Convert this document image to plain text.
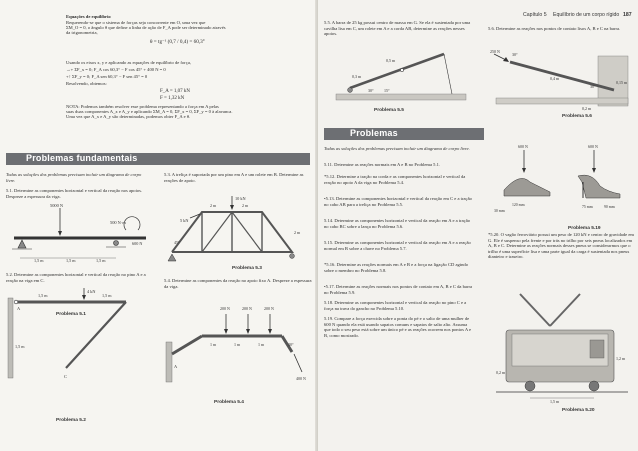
Equações de equilíbrio
Requerendo-se que o sistema de forças seja concorrente em O, uma vez que
ΣM_O = 0, o ângulo θ que define a linha de ação de F_A pode ser determinado através
da trigonometria,
θ = tg⁻¹ (0,7 / 0,4) = 60,3°
Usando os eixos x, y e aplicando as equações de equilíbrio de força,
→+ ΣF_x = 0; F_A cos 60,3° − F cos 45° + 400 N = 0
+↑ ΣF_y = 0; F_A sen 60,3° − F sen 45° = 0
Resolvendo, obtemos:
F_A = 1,07 kN
F = 1,32 kN
NOTA: Podemos também resolver esse problema representando a força em A pelas
suas duas componentes A_x e A_y e aplicando ΣM_A = 0, ΣF_x = 0, ΣF_y = 0 à alavanca.
Uma vez que A_x e A_y são determinadas, podemos obter F_A e θ.
Problemas fundamentais
Todas as soluções dos problemas precisam incluir um diagrama de corpo livre.
5.1. Determine as componentes horizontal e vertical da reação nos apoios. Despreze a espessura da viga.
5.3. A treliça é suportada por um pino em A e um rolete em B. Determine as reações de apoio.
5000 N
500 N·m
1,5 m	1,5 m	1,5 m
600 N
Problema 5.1
10 kN
5 kN
2 m	2 m
45°
2 m
Problema 5.3
5.2. Determine as componentes horizontal e vertical da reação no pino A e a reação na viga em C.	5.4. Determine as componentes da reação no apoio fixo A. Despreze a espessura da viga.
4 kN
1,5 m	1,5 m
1,5 m
C
A
Problema 5.2
200 N	200 N	200 N
1 m	1 m	1 m	30°
400 N
A
Problema 5.4
Capítulo 5 Equilíbrio de um corpo rígido 187
5.5. A barra de 25 kg possui centro de massa em G. Se ela é sustentada por uma cavilha lisa em C, um rolete em A e a corda AB, determine as reações nesses apoios.
5.6. Determine as reações nos pontos de contato lisos A, B e C na barra.
0,5 m
0,3 m
30°	15°
Problema 5.5
250 N
30°
0,4 m
0,15 m
0,2 m
30°
Problema 5.6
Problemas
Todas as soluções dos problemas precisam incluir um diagrama de corpo livre.
5.11. Determine as reações normais em A e B no Problema 5.1.
*5.12. Determine a tração na corda e as componentes horizontal e vertical da reação no apoio A da viga no Problema 5.4.
•5.13. Determine as componentes horizontal e vertical da reação em C e a tração no cabo AB para a treliça no Problema 5.5.
5.14. Determine as componentes horizontal e vertical da reação em A e a tração no cabo BC sobre a lança no Problema 5.6.
5.15. Determine as componentes horizontal e vertical da reação em A e a reação normal em B sobre a chave no Problema 5.7.
*5.16. Determine as reações normais em A e B e a força na ligação CD agindo sobre o membro no Problema 5.8.
•5.17. Determine as reações normais nos pontos de contato em A, B e C da barra no Problema 5.9.
5.18. Determine as componentes horizontal e vertical da reação no pino C e a força na trava do gancho no Problema 5.10.
5.19. Compare a força exercida sobre a ponta do pé e o salto de uma mulher de 600 N quando ela está usando sapatos comuns e sapatos de salto alto. Assuma que todo o seu peso está sobre um único pé e as reações ocorrem nos pontos A e B, como mostrado.
600 N	600 N
120 mm
30 mm
75 mm	90 mm
Problema 5.19
*5.20. O vagão ferroviário possui um peso de 120 kN e centro de gravidade em G. Ele é suspenso pela frente e por trás no trilho por seis pneus localizados em A, B e C. Determine as reações normais desses pneus se considerarmos que o trilho é uma superfície lisa e uma parte igual da carga é sustentada nos pneus dianteiro e traseiro.
1,5 m
0,2 m
1,2 m
Problema 5.20
